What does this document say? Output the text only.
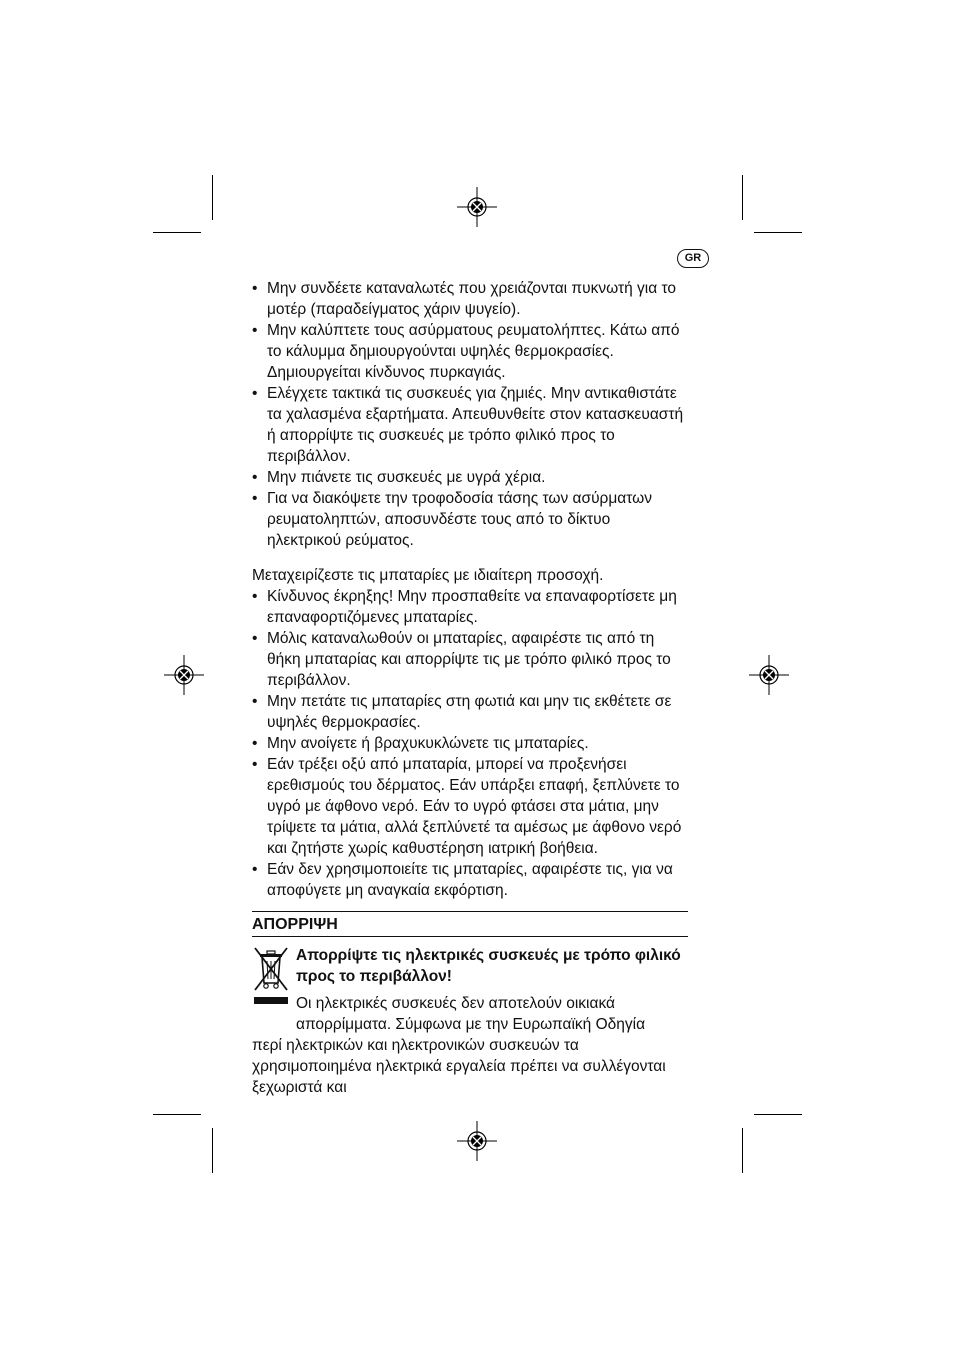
GR
• Μην συνδέετε καταναλωτές που χρειάζονται πυκνωτή για το μοτέρ (παραδείγματος χάριν ψυγείο).
• Μην καλύπτετε τους ασύρματους ρευματολήπτες. Κάτω από το κάλυμμα δημιουργούνται υψηλές θερμοκρασίες. Δημιουργείται κίνδυνος πυρκαγιάς.
• Ελέγχετε τακτικά τις συσκευές για ζημιές. Μην αντικαθιστάτε τα χαλασμένα εξαρτήματα. Απευθυνθείτε στον κατασκευαστή ή απορρίψτε τις συσκευές με τρόπο φιλικό προς το περιβάλλον.
• Μην πιάνετε τις συσκευές με υγρά χέρια.
• Για να διακόψετε την τροφοδοσία τάσης των ασύρματων ρευματοληπτών, αποσυνδέστε τους από το δίκτυο ηλεκτρικού ρεύματος.

Μεταχειρίζεστε τις μπαταρίες με ιδιαίτερη προσοχή.

• Κίνδυνος έκρηξης! Μην προσπαθείτε να επαναφορτίσετε μη επαναφορτιζόμενες μπαταρίες.
• Μόλις καταναλωθούν οι μπαταρίες, αφαιρέστε τις από τη θήκη μπαταρίας και απορρίψτε τις με τρόπο φιλικό προς το περιβάλλον.
• Μην πετάτε τις μπαταρίες στη φωτιά και μην τις εκθέτετε σε υψηλές θερμοκρασίες.
• Μην ανοίγετε ή βραχυκυκλώνετε τις μπαταρίες.
• Εάν τρέξει οξύ από μπαταρία, μπορεί να προξενήσει ερεθισμούς του δέρματος. Εάν υπάρξει επαφή, ξεπλύνετε το υγρό με άφθονο νερό. Εάν το υγρό φτάσει στα μάτια, μην τρίψετε τα μάτια, αλλά ξεπλύνετέ τα αμέσως με άφθονο νερό και ζητήστε χωρίς καθυστέρηση ιατρική βοήθεια.
• Εάν δεν χρησιμοποιείτε τις μπαταρίες, αφαιρέστε τις, για να αποφύγετε μη αναγκαία εκφόρτιση.
ΑΠΟΡΡΙΨΗ
Απορρίψτε τις ηλεκτρικές συσκευές με τρόπο φιλικό προς το περιβάλλον!
Οι ηλεκτρικές συσκευές δεν αποτελούν οικιακά απορρίμματα. Σύμφωνα με την Ευρωπαϊκή Οδηγία

περί ηλεκτρικών και ηλεκτρονικών συσκευών τα χρησιμοποιημένα ηλεκτρικά εργαλεία πρέπει να συλλέγονται ξεχωριστά και
